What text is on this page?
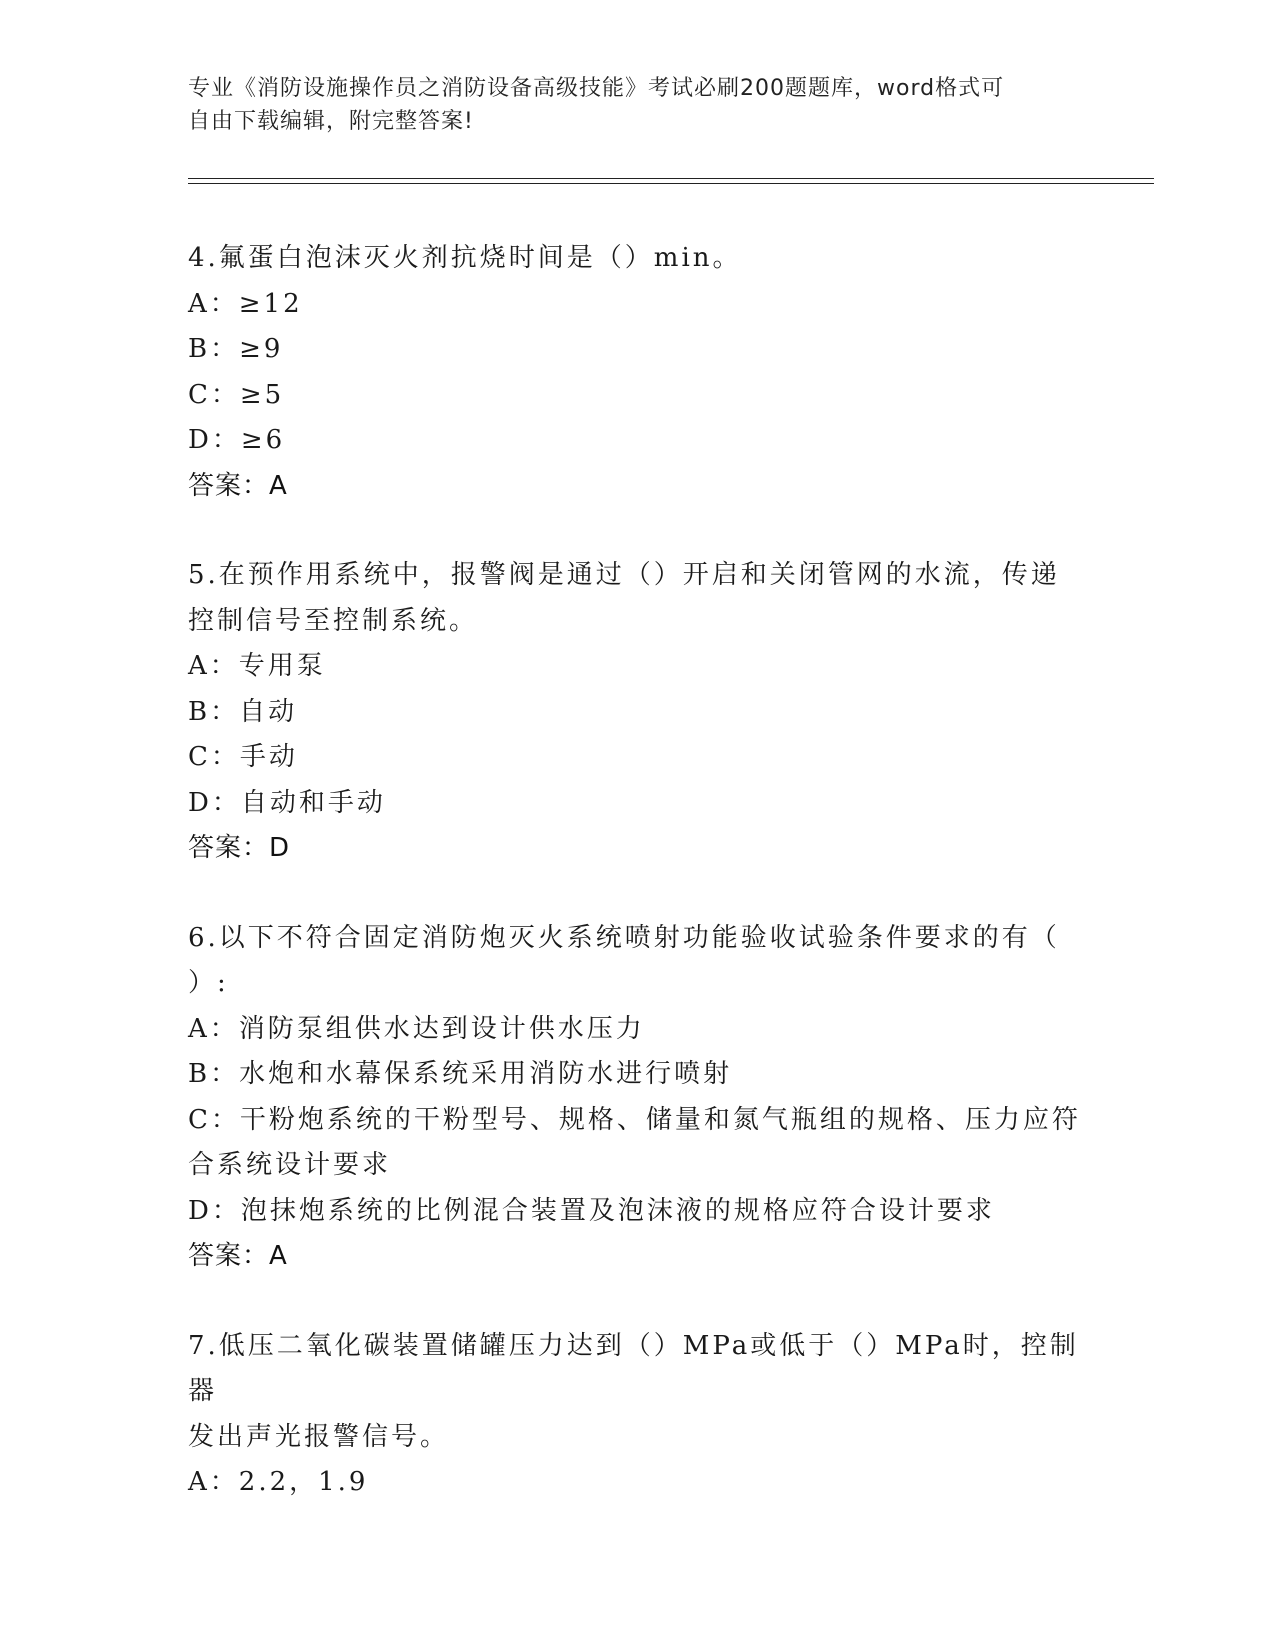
专业《消防设施操作员之消防设备高级技能》考试必刷200题题库，word格式可
自由下载编辑，附完整答案!
4.氟蛋白泡沫灭火剂抗烧时间是（）min。
A：≥12
B：≥9
C：≥5
D：≥6
答案：A
5.在预作用系统中，报警阀是通过（）开启和关闭管网的水流，传递
控制信号至控制系统。
A：专用泵
B：自动
C：手动
D：自动和手动
答案：D
6.以下不符合固定消防炮灭火系统喷射功能验收试验条件要求的有（
）:
A：消防泵组供水达到设计供水压力
B：水炮和水幕保系统采用消防水进行喷射
C：干粉炮系统的干粉型号、规格、储量和氮气瓶组的规格、压力应符
合系统设计要求
D：泡抹炮系统的比例混合装置及泡沫液的规格应符合设计要求
答案：A
7.低压二氧化碳装置储罐压力达到（）MPa或低于（）MPa时，控制器
发出声光报警信号。
A：2.2，1.9
